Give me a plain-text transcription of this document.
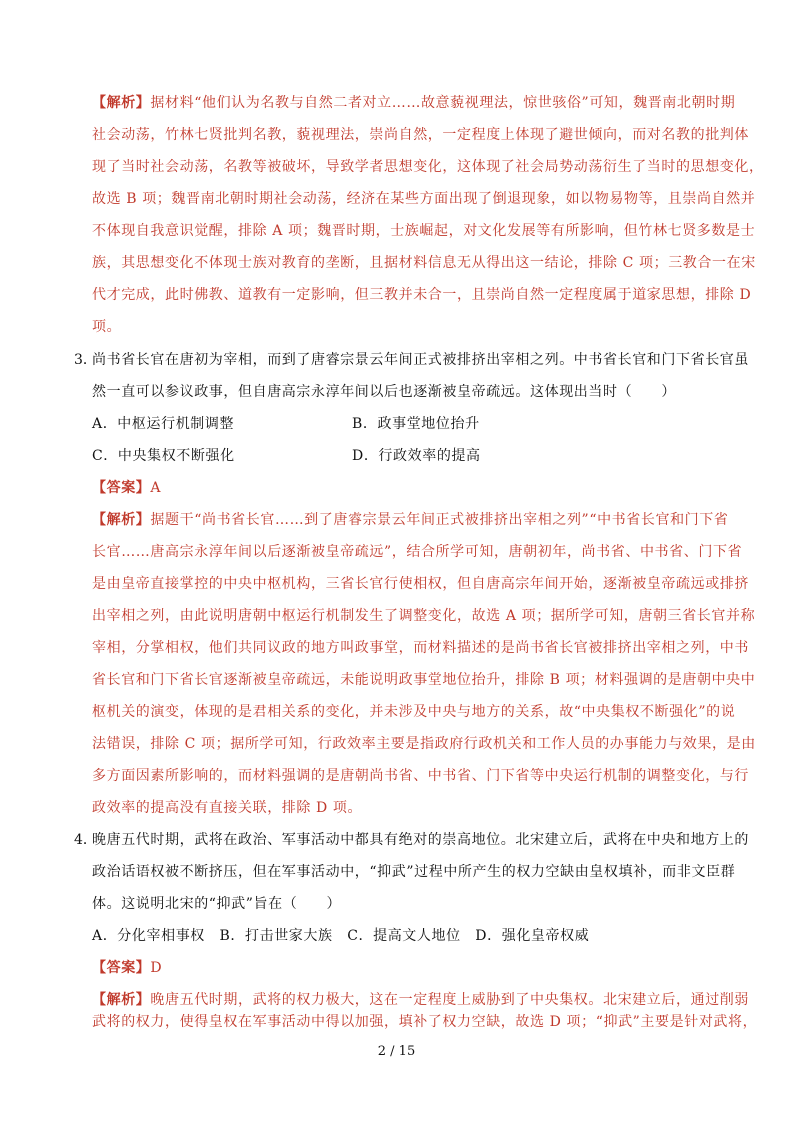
【解析】据材料“他们认为名教与自然二者对立……故意藐视理法，惊世骇俗”可知，魏晋南北朝时期
社会动荡，竹林七贤批判名教，藐视理法，崇尚自然，一定程度上体现了避世倾向，而对名教的批判体
现了当时社会动荡，名教等被破坏，导致学者思想变化，这体现了社会局势动荡衍生了当时的思想变化，
故选 B 项；魏晋南北朝时期社会动荡，经济在某些方面出现了倒退现象，如以物易物等，且崇尚自然并
不体现自我意识觉醒，排除 A 项；魏晋时期，士族崛起，对文化发展等有所影响，但竹林七贤多数是士
族，其思想变化不体现士族对教育的垄断，且据材料信息无从得出这一结论，排除 C 项；三教合一在宋
代才完成，此时佛教、道教有一定影响，但三教并未合一，且崇尚自然一定程度属于道家思想，排除 D
项。
3．
尚书省长官在唐初为宰相，而到了唐睿宗景云年间正式被排挤出宰相之列。中书省长官和门下省长官虽
然一直可以参议政事，但自唐高宗永淳年间以后也逐渐被皇帝疏远。这体现出当时（　　）
A．中枢运行机制调整	B．政事堂地位抬升
C．中央集权不断强化	D．行政效率的提高
【答案】A
【解析】据题干“尚书省长官……到了唐睿宗景云年间正式被排挤出宰相之列”“中书省长官和门下省
长官……唐高宗永淳年间以后逐渐被皇帝疏远”，结合所学可知，唐朝初年，尚书省、中书省、门下省
是由皇帝直接掌控的中央中枢机构，三省长官行使相权，但自唐高宗年间开始，逐渐被皇帝疏远或排挤
出宰相之列，由此说明唐朝中枢运行机制发生了调整变化，故选 A 项；据所学可知，唐朝三省长官并称
宰相，分掌相权，他们共同议政的地方叫政事堂，而材料描述的是尚书省长官被排挤出宰相之列，中书
省长官和门下省长官逐渐被皇帝疏远，未能说明政事堂地位抬升，排除 B 项；材料强调的是唐朝中央中
枢机关的演变，体现的是君相关系的变化，并未涉及中央与地方的关系，故“中央集权不断强化”的说
法错误，排除 C 项；据所学可知，行政效率主要是指政府行政机关和工作人员的办事能力与效果，是由
多方面因素所影响的，而材料强调的是唐朝尚书省、中书省、门下省等中央运行机制的调整变化，与行
政效率的提高没有直接关联，排除 D 项。
4．
晚唐五代时期，武将在政治、军事活动中都具有绝对的崇高地位。北宋建立后，武将在中央和地方上的
政治话语权被不断挤压，但在军事活动中，“抑武”过程中所产生的权力空缺由皇权填补，而非文臣群
体。这说明北宋的“抑武”旨在（　　）
A．分化宰相事权　B．打击世家大族　C．提高文人地位　D．强化皇帝权威
【答案】D
【解析】晚唐五代时期，武将的权力极大，这在一定程度上威胁到了中央集权。北宋建立后，通过削弱
武将的权力，使得皇权在军事活动中得以加强，填补了权力空缺，故选 D 项；“抑武”主要是针对武将，
2 / 15
